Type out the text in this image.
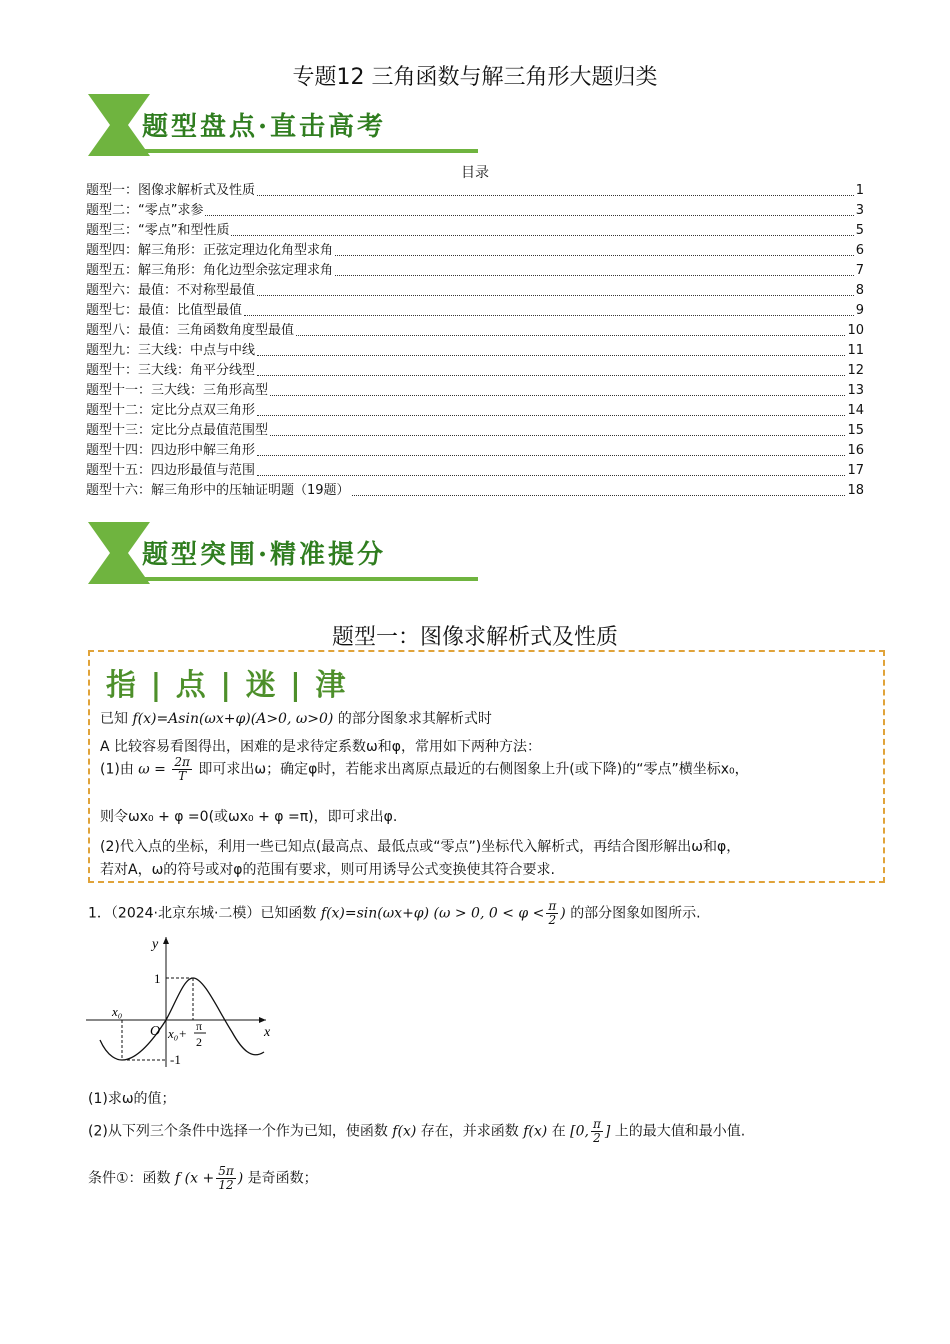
专题12 三角函数与解三角形大题归类
题型盘点·直击高考
目录
题型一：图像求解析式及性质	1
题型二：“零点”求参	3
题型三：“零点”和型性质	5
题型四：解三角形：正弦定理边化角型求角	6
题型五：解三角形：角化边型余弦定理求角	7
题型六：最值：不对称型最值	8
题型七：最值：比值型最值	9
题型八：最值：三角函数角度型最值	10
题型九：三大线：中点与中线	11
题型十：三大线：角平分线型	12
题型十一：三大线：三角形高型	13
题型十二：定比分点双三角形	14
题型十三：定比分点最值范围型	15
题型十四：四边形中解三角形	16
题型十五：四边形最值与范围	17
题型十六：解三角形中的压轴证明题（19题）	18
题型突围·精准提分
题型一：图像求解析式及性质
指 | 点 | 迷 | 津
已知 f(x)=Asin(ωx+φ)(A>0, ω>0) 的部分图象求其解析式时
A 比较容易看图得出，困难的是求待定系数ω和φ，常用如下两种方法：
(1)由 $\omega = \frac{2\pi}{T}$ 即可求出ω；确定φ时，若能求出离原点最近的右侧图象上升(或下降)的“零点”横坐标x₀，
则令ωx₀ + φ =0(或ωx₀ + φ =π)，即可求出φ.
(2)代入点的坐标，利用一些已知点(最高点、最低点或“零点”)坐标代入解析式，再结合图形解出ω和φ，
若对A，ω的符号或对φ的范围有要求，则可用诱导公式变换使其符合要求.
1．（2024·北京东城·二模）已知函数 f(x)=sin(ωx+φ) (ω > 0, $0 < \varphi < \frac{\pi}{2}$ ) 的部分图象如图所示.
y
x
O
1
-1
x₀
x₀+ π
2
(1)求ω的值；
(2)从下列三个条件中选择一个作为已知，使函数 f(x) 存在，并求函数 f(x) 在 [0, $\frac{\pi}{2}$ ] 上的最大值和最小值.
条件①：函数 f ($x + \frac{5\pi}{12}$ ) 是奇函数；
